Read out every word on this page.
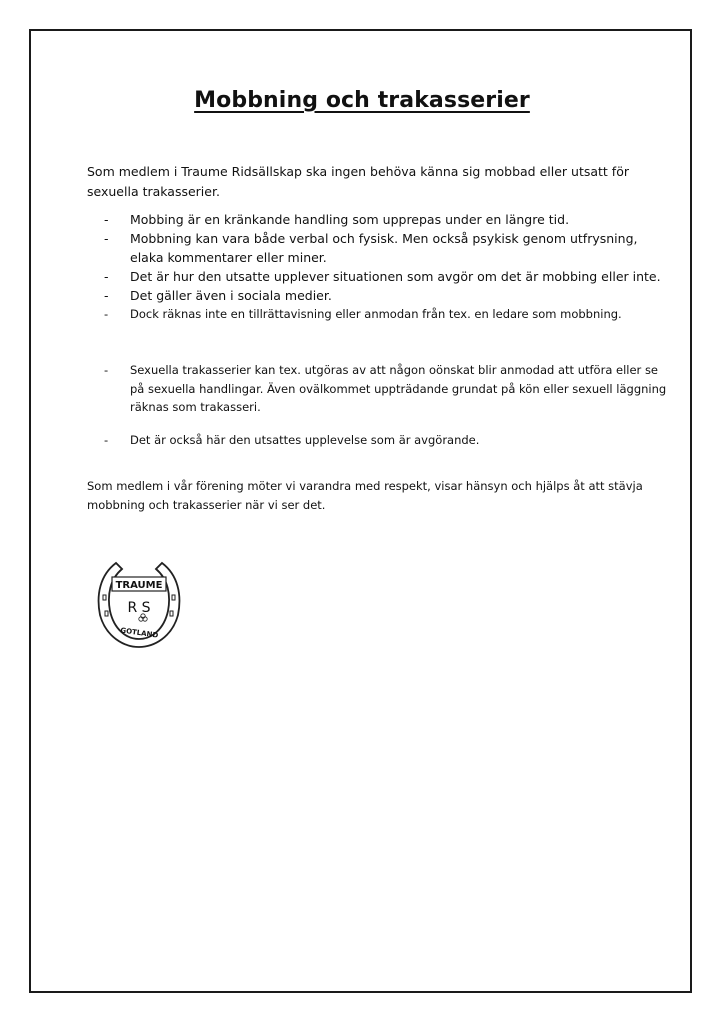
Mobbning och trakasserier
Som medlem i Traume Ridsällskap ska ingen behöva känna sig mobbad eller utsatt för sexuella trakasserier.
- Mobbing är en kränkande handling som upprepas under en längre tid.
- Mobbning kan vara både verbal och fysisk. Men också psykisk genom utfrysning, elaka kommentarer eller miner.
- Det är hur den utsatte upplever situationen som avgör om det är mobbing eller inte.
- Det gäller även i sociala medier.
- Dock räknas inte en tillrättavisning eller anmodan från tex. en ledare som mobbning.
- Sexuella trakasserier kan tex. utgöras av att någon oönskat blir anmodad att utföra eller se på sexuella handlingar. Även ovälkommet uppträdande grundat på kön eller sexuell läggning räknas som trakasseri.
- Det är också här den utsattes upplevelse som är avgörande.
Som medlem i vår förening möter vi varandra med respekt, visar hänsyn och hjälps åt att stävja mobbning och trakasserier när vi ser det.
TRAUME
R S
GOTLAND
